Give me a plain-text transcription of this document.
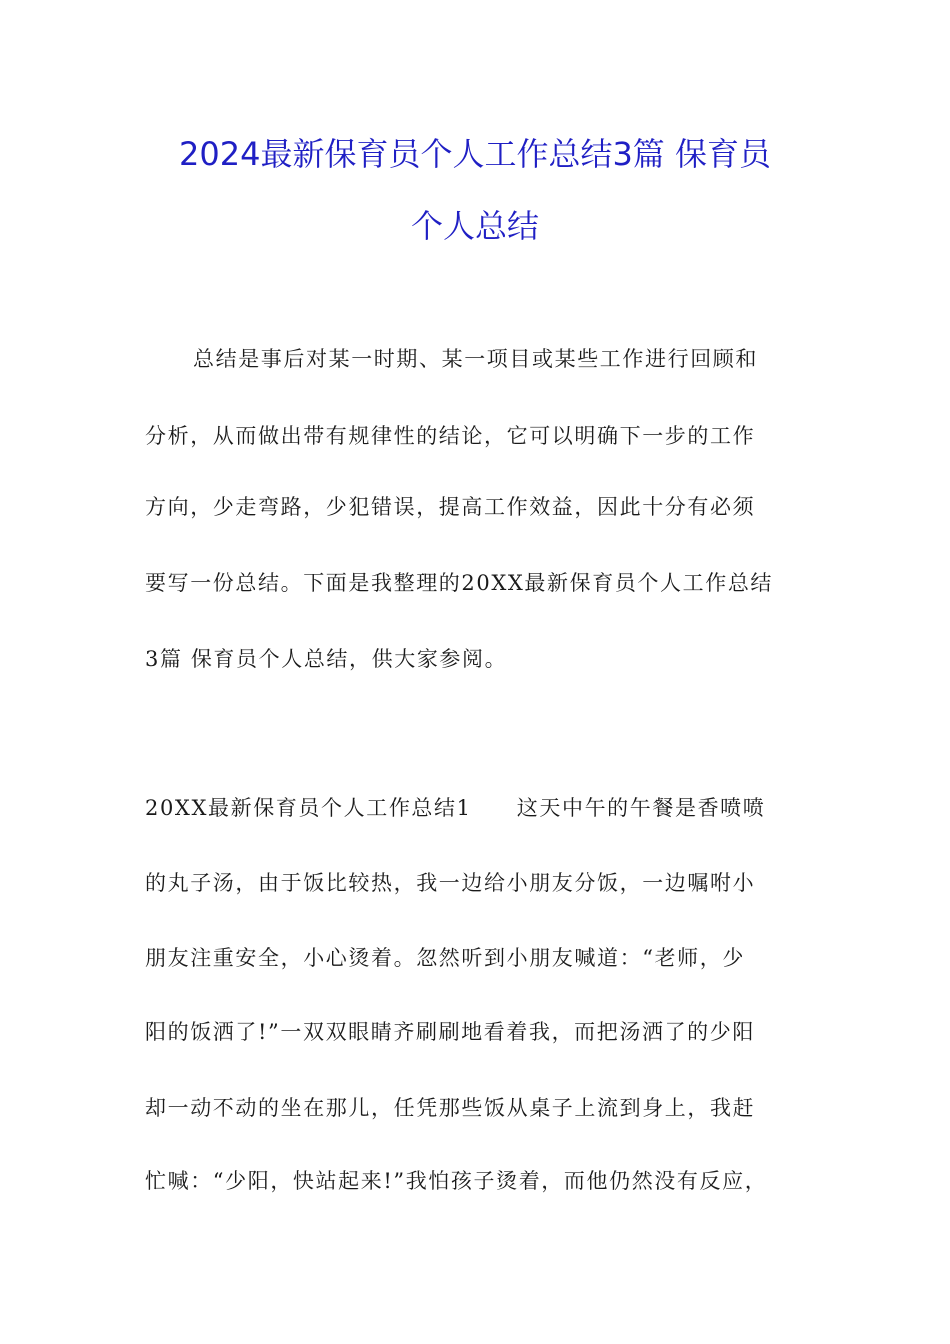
2024最新保育员个人工作总结3篇 保育员
个人总结
总结是事后对某一时期、某一项目或某些工作进行回顾和
分析，从而做出带有规律性的结论，它可以明确下一步的工作
方向，少走弯路，少犯错误，提高工作效益，因此十分有必须
要写一份总结。下面是我整理的20XX最新保育员个人工作总结
3篇 保育员个人总结，供大家参阅。
20XX最新保育员个人工作总结1　　这天中午的午餐是香喷喷
的丸子汤，由于饭比较热，我一边给小朋友分饭，一边嘱咐小
朋友注重安全，小心烫着。忽然听到小朋友喊道：“老师，少
阳的饭洒了!”一双双眼睛齐刷刷地看着我，而把汤洒了的少阳
却一动不动的坐在那儿，任凭那些饭从桌子上流到身上，我赶
忙喊：“少阳，快站起来!”我怕孩子烫着，而他仍然没有反应，
